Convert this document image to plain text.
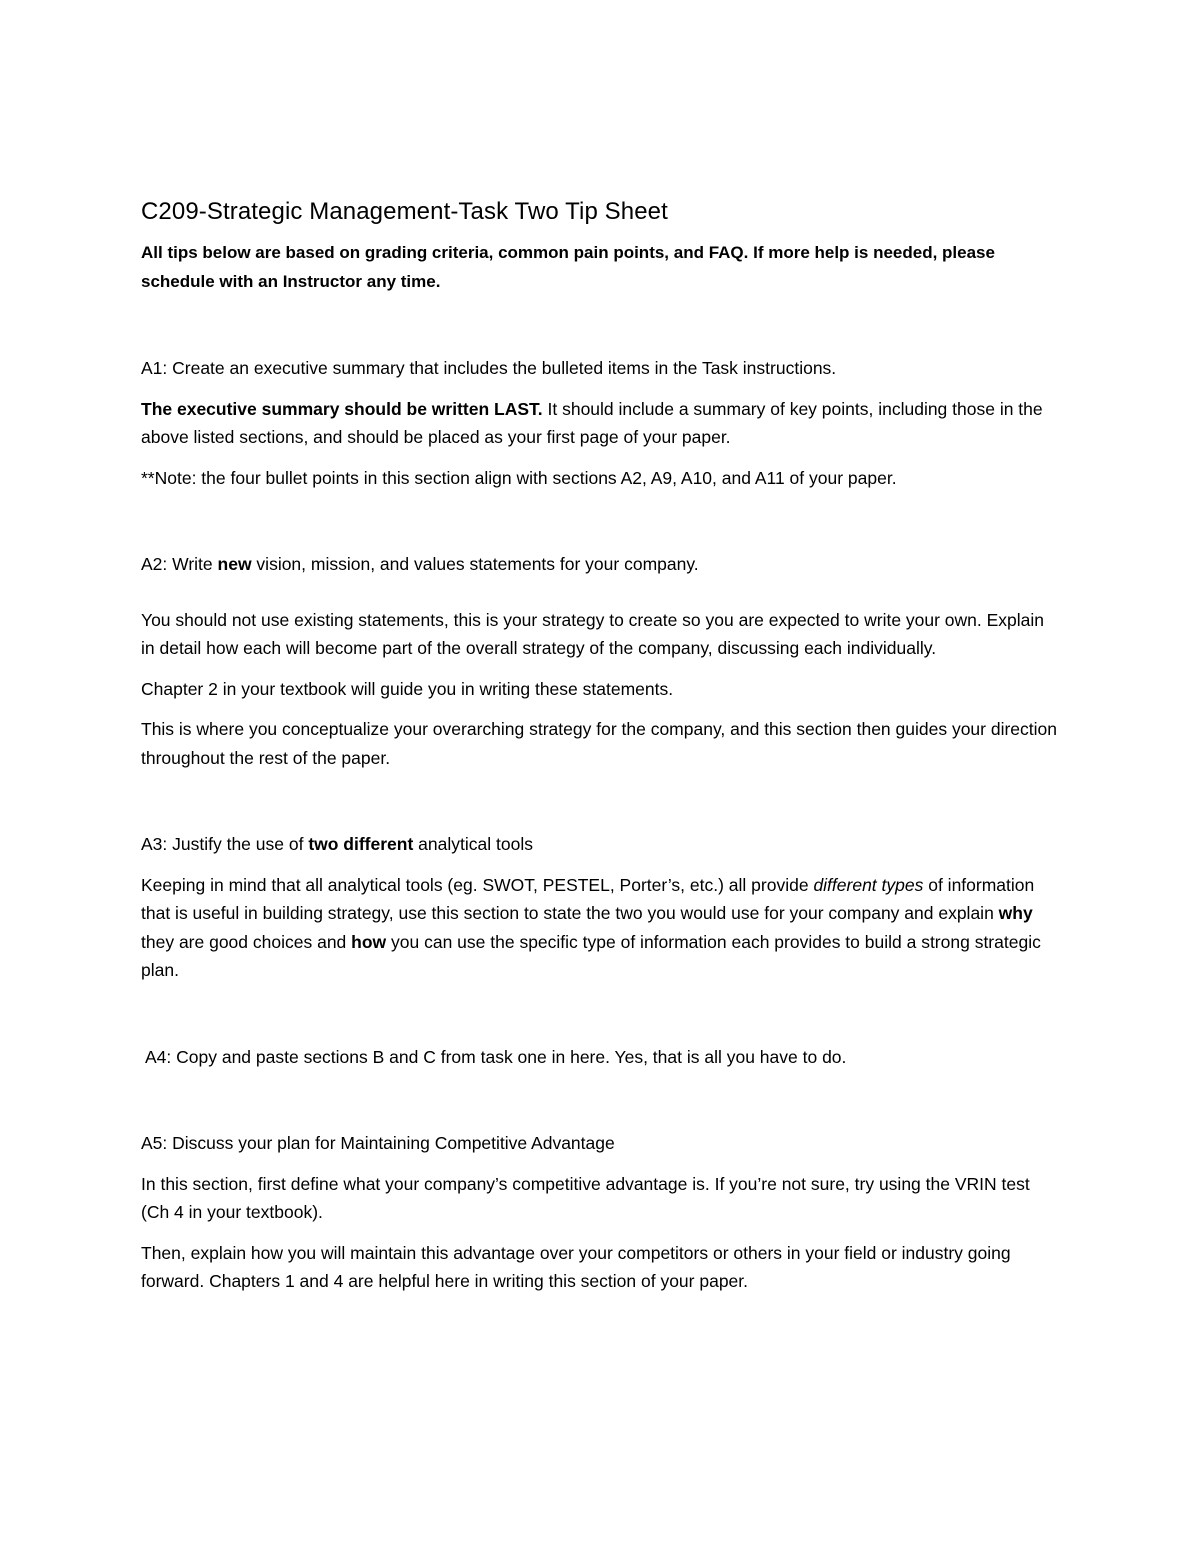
C209-Strategic Management-Task Two Tip Sheet

All tips below are based on grading criteria, common pain points, and FAQ. If more help is needed, please schedule with an Instructor any time.

A1: Create an executive summary that includes the bulleted items in the Task instructions.

The executive summary should be written LAST. It should include a summary of key points, including those in the above listed sections, and should be placed as your first page of your paper.

**Note: the four bullet points in this section align with sections A2, A9, A10, and A11 of your paper.

A2: Write new vision, mission, and values statements for your company.

You should not use existing statements, this is your strategy to create so you are expected to write your own. Explain in detail how each will become part of the overall strategy of the company, discussing each individually.

Chapter 2 in your textbook will guide you in writing these statements.

This is where you conceptualize your overarching strategy for the company, and this section then guides your direction throughout the rest of the paper.

A3: Justify the use of two different analytical tools

Keeping in mind that all analytical tools (eg. SWOT, PESTEL, Porter’s, etc.) all provide different types of information that is useful in building strategy, use this section to state the two you would use for your company and explain why they are good choices and how you can use the specific type of information each provides to build a strong strategic plan.

A4: Copy and paste sections B and C from task one in here. Yes, that is all you have to do.

A5: Discuss your plan for Maintaining Competitive Advantage

In this section, first define what your company’s competitive advantage is. If you’re not sure, try using the VRIN test (Ch 4 in your textbook).

Then, explain how you will maintain this advantage over your competitors or others in your field or industry going forward. Chapters 1 and 4 are helpful here in writing this section of your paper.
